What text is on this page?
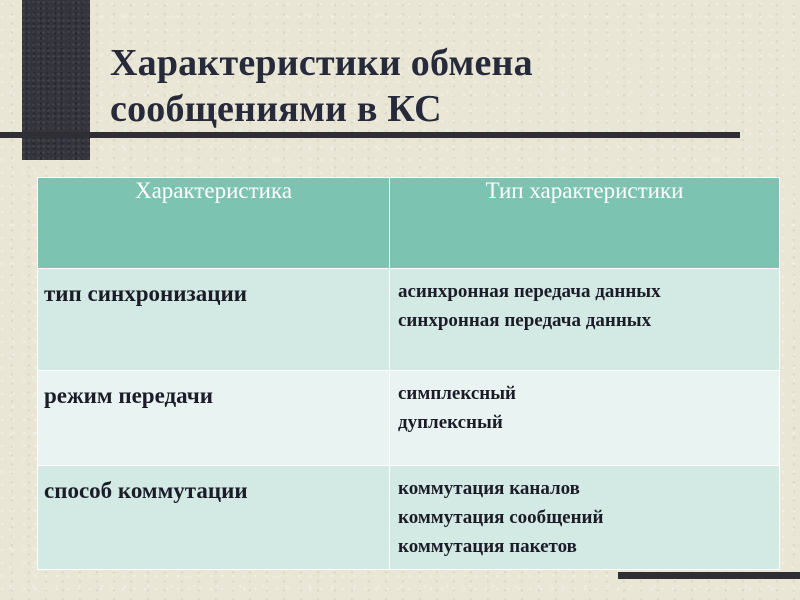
Характеристики обмена
сообщениями в КС
Характеристика	Тип характеристики
тип синхронизации	асинхронная передача данных
синхронная передача данных

режим передачи	симплексный
дуплексный

способ коммутации	коммутация каналов
коммутация сообщений
коммутация пакетов
